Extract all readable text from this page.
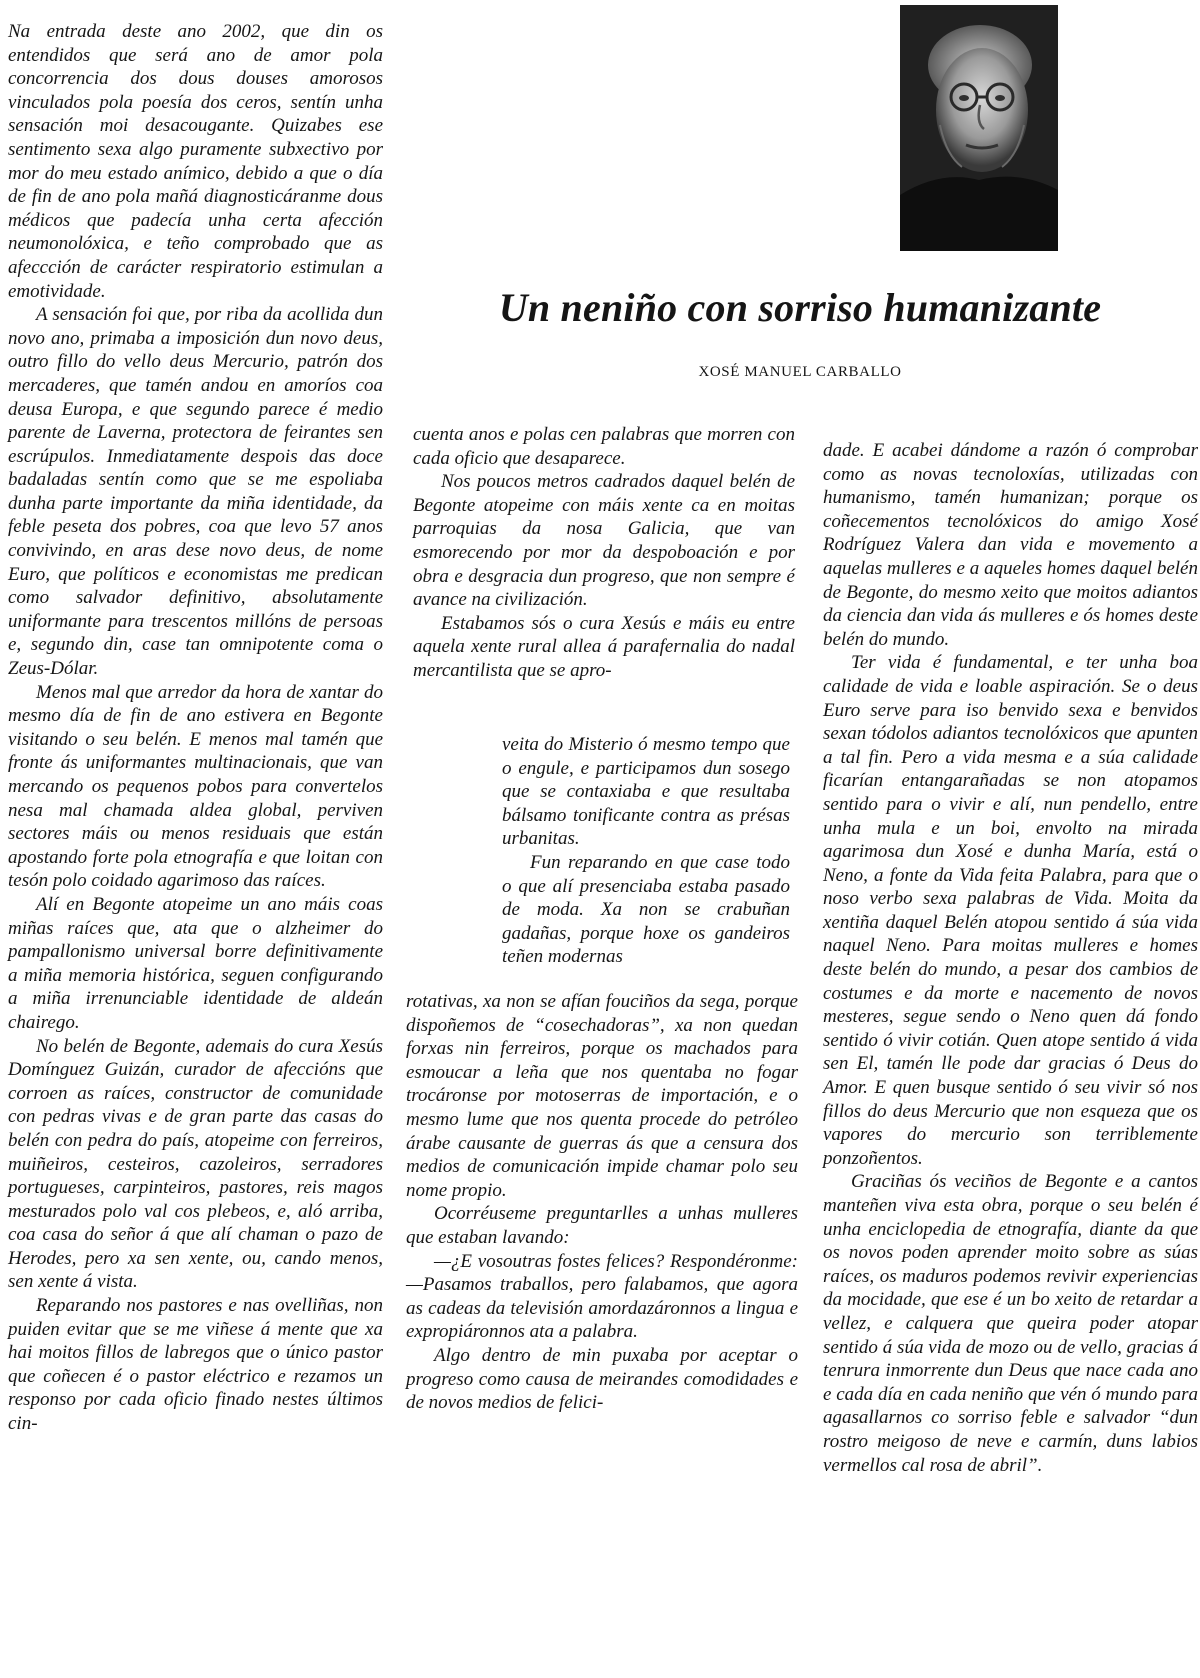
Na entrada deste ano 2002, que din os entendidos que será ano de amor pola concorrencia dos dous douses amorosos vinculados pola poesía dos ceros, sentín unha sensación moi desacougante. Quizabes ese sentimento sexa algo puramente subxectivo por mor do meu estado anímico, debido a que o día de fin de ano pola mañá diagnosticáranme dous médicos que padecía unha certa afección neumonolóxica, e teño comprobado que as afeccción de carácter respiratorio estimulan a emotividade.

A sensación foi que, por riba da acollida dun novo ano, primaba a imposición dun novo deus, outro fillo do vello deus Mercurio, patrón dos mercaderes, que tamén andou en amoríos coa deusa Europa, e que segundo parece é medio parente de Laverna, protectora de feirantes sen escrúpulos. Inmediatamente despois das doce badaladas sentín como que se me espoliaba dunha parte importante da miña identidade, da feble peseta dos pobres, coa que levo 57 anos convivindo, en aras dese novo deus, de nome Euro, que políticos e economistas me predican como salvador definitivo, absolutamente uniformante para trescentos millóns de persoas e, segundo din, case tan omnipotente coma o Zeus-Dólar.

Menos mal que arredor da hora de xantar do mesmo día de fin de ano estivera en Begonte visitando o seu belén. E menos mal tamén que fronte ás uniformantes multinacionais, que van mercando os pequenos pobos para convertelos nesa mal chamada aldea global, perviven sectores máis ou menos residuais que están apostando forte pola etnografía e que loitan con tesón polo coidado agarimoso das raíces.

Alí en Begonte atopeime un ano máis coas miñas raíces que, ata que o alzheimer do pampallonismo universal borre definitivamente a miña memoria histórica, seguen configurando a miña irrenunciable identidade de aldeán chairego.

No belén de Begonte, ademais do cura Xesús Domínguez Guizán, curador de afeccións que corroen as raíces, constructor de comunidade con pedras vivas e de gran parte das casas do belén con pedra do país, atopeime con ferreiros, muiñeiros, cesteiros, cazoleiros, serradores portugueses, carpinteiros, pastores, reis magos mesturados polo val cos plebeos, e, aló arriba, coa casa do señor á que alí chaman o pazo de Herodes, pero xa sen xente, ou, cando menos, sen xente á vista.

Reparando nos pastores e nas ovelliñas, non puiden evitar que se me viñese á mente que xa hai moitos fillos de labregos que o único pastor que coñecen é o pastor eléctrico e rezamos un responso por cada oficio finado nestes últimos cin-

Un neniño con sorriso humanizante

XOSÉ MANUEL CARBALLO

cuenta anos e polas cen palabras que morren con cada oficio que desaparece.

Nos poucos metros cadrados daquel belén de Begonte atopeime con máis xente ca en moitas parroquias da nosa Galicia, que van esmorecendo por mor da despoboación e por obra e desgracia dun progreso, que non sempre é avance na civilización.

Estabamos sós o cura Xesús e máis eu entre aquela xente rural allea á parafernalia do nadal mercantilista que se apro-

veita do Misterio ó mesmo tempo que o engule, e participamos dun sosego que se contaxiaba e que resultaba bálsamo tonificante contra as présas urbanitas.

Fun reparando en que case todo o que alí presenciaba estaba pasado de moda. Xa non se crabuñan gadañas, porque hoxe os gandeiros teñen modernas

rotativas, xa non se afían fouciños da sega, porque dispoñemos de “cosechadoras”, xa non quedan forxas nin ferreiros, porque os machados para esmoucar a leña que nos quentaba no fogar trocáronse por motoserras de importación, e o mesmo lume que nos quenta procede do petróleo árabe causante de guerras ás que a censura dos medios de comunicación impide chamar polo seu nome propio.

Ocorréuseme preguntarlles a unhas mulleres que estaban lavando:

—¿E vosoutras fostes felices? Respondéronme: —Pasamos traballos, pero falabamos, que agora as cadeas da televisión amordazáronnos a lingua e expropiáronnos ata a palabra.

Algo dentro de min puxaba por aceptar o progreso como causa de meirandes comodidades e de novos medios de felici-

dade. E acabei dándome a razón ó comprobar como as novas tecnoloxías, utilizadas con humanismo, tamén humanizan; porque os coñecementos tecnolóxicos do amigo Xosé Rodríguez Valera dan vida e movemento a aquelas mulleres e a aqueles homes daquel belén de Begonte, do mesmo xeito que moitos adiantos da ciencia dan vida ás mulleres e ós homes deste belén do mundo.

Ter vida é fundamental, e ter unha boa calidade de vida e loable aspiración. Se o deus Euro serve para iso benvido sexa e benvidos sexan tódolos adiantos tecnolóxicos que apunten a tal fin. Pero a vida mesma e a súa calidade ficarían entangarañadas se non atopamos sentido para o vivir e alí, nun pendello, entre unha mula e un boi, envolto na mirada agarimosa dun Xosé e dunha María, está o Neno, a fonte da Vida feita Palabra, para que o noso verbo sexa palabras de Vida. Moita da xentiña daquel Belén atopou sentido á súa vida naquel Neno. Para moitas mulleres e homes deste belén do mundo, a pesar dos cambios de costumes e da morte e nacemento de novos mesteres, segue sendo o Neno quen dá fondo sentido ó vivir cotián. Quen atope sentido á vida sen El, tamén lle pode dar gracias ó Deus do Amor. E quen busque sentido ó seu vivir só nos fillos do deus Mercurio que non esqueza que os vapores do mercurio son terriblemente ponzoñentos.

Graciñas ós veciños de Begonte e a cantos manteñen viva esta obra, porque o seu belén é unha enciclopedia de etnografía, diante da que os novos poden aprender moito sobre as súas raíces, os maduros podemos revivir experiencias da mocidade, que ese é un bo xeito de retardar a vellez, e calquera que queira poder atopar sentido á súa vida de mozo ou de vello, gracias á tenrura inmorrente dun Deus que nace cada ano e cada día en cada neniño que vén ó mundo para agasallarnos co sorriso feble e salvador “dun rostro meigoso de neve e carmín, duns labios vermellos cal rosa de abril”.
